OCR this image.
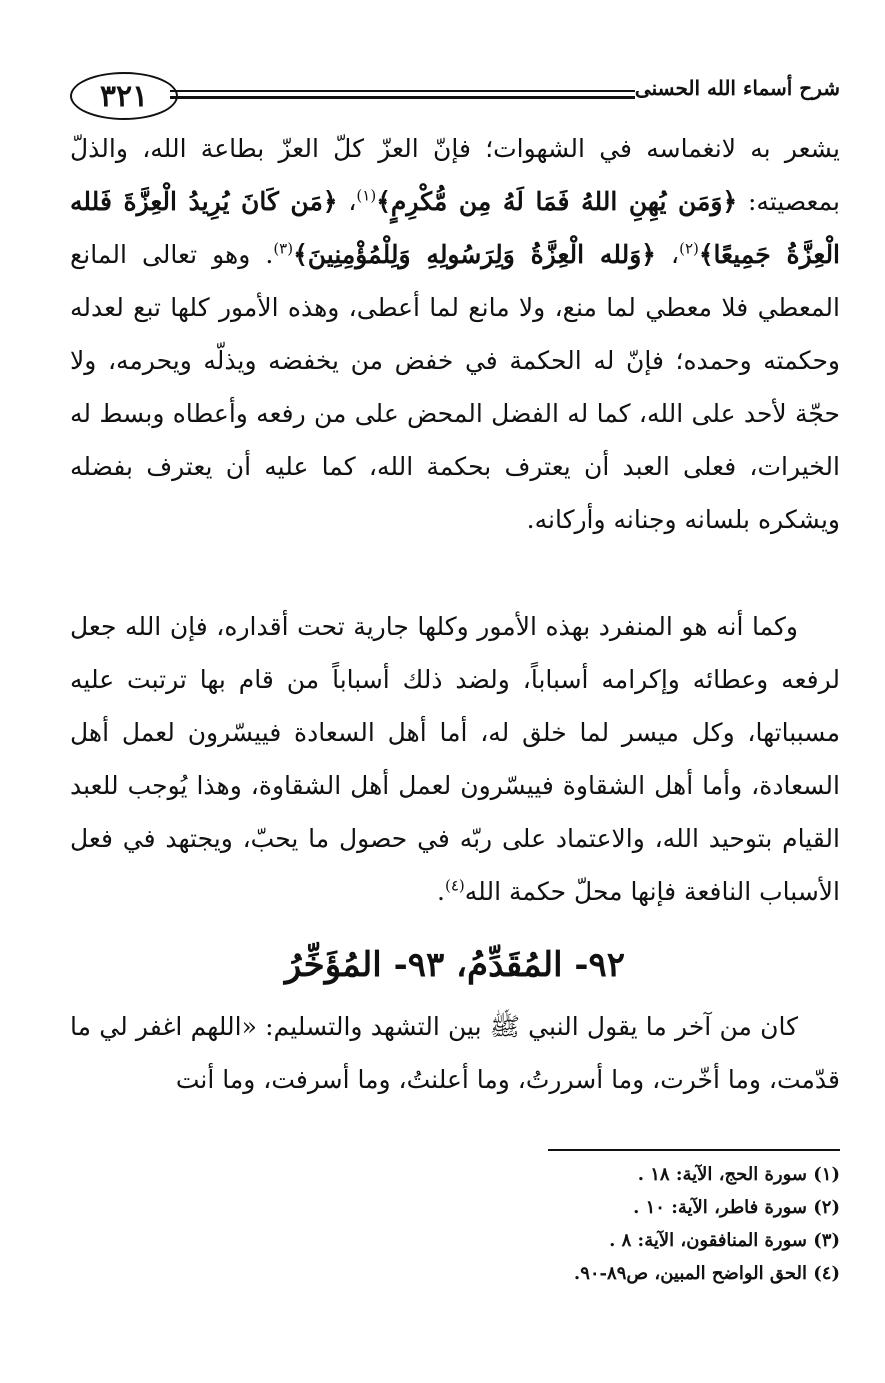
٣٢١	شرح أسماء الله الحسنى

يشعر به لانغماسه في الشهوات؛ فإنّ العزّ كلّ العزّ بطاعة الله، والذلّ بمعصيته: ﴿وَمَن يُهِنِ اللهُ فَمَا لَهُ مِن مُّكْرِمٍ﴾$^{(١)}$، ﴿مَن كَانَ يُرِيدُ الْعِزَّةَ فَلله الْعِزَّةُ جَمِيعًا﴾$^{(٢)}$، ﴿وَلله الْعِزَّةُ وَلِرَسُولِهِ وَلِلْمُؤْمِنِينَ﴾$^{(٣)}$. وهو تعالى المانع المعطي فلا معطي لما منع، ولا مانع لما أعطى، وهذه الأمور كلها تبع لعدله وحكمته وحمده؛ فإنّ له الحكمة في خفض من يخفضه ويذلّه ويحرمه، ولا حجّة لأحد على الله، كما له الفضل المحض على من رفعه وأعطاه وبسط له الخيرات، فعلى العبد أن يعترف بحكمة الله، كما عليه أن يعترف بفضله ويشكره بلسانه وجنانه وأركانه.

وكما أنه هو المنفرد بهذه الأمور وكلها جارية تحت أقداره، فإن الله جعل لرفعه وعطائه وإكرامه أسباباً، ولضد ذلك أسباباً من قام بها ترتبت عليه مسبباتها، وكل ميسر لما خلق له، أما أهل السعادة فييسّرون لعمل أهل السعادة، وأما أهل الشقاوة فييسّرون لعمل أهل الشقاوة، وهذا يُوجب للعبد القيام بتوحيد الله، والاعتماد على ربّه في حصول ما يحبّ، ويجتهد في فعل الأسباب النافعة فإنها محلّ حكمة الله$^{(٤)}$.

٩٢- المُقَدِّمُ، ٩٣- المُؤَخِّرُ

كان من آخر ما يقول النبي ﷺ بين التشهد والتسليم: «اللهم اغفر لي ما قدّمت، وما أخّرت، وما أسررتُ، وما أعلنتُ، وما أسرفت، وما أنت

(١) سورة الحج، الآية: ١٨ .
(٢) سورة فاطر، الآية: ١٠ .
(٣) سورة المنافقون، الآية: ٨ .
(٤) الحق الواضح المبين، ص٨٩-٩٠.
